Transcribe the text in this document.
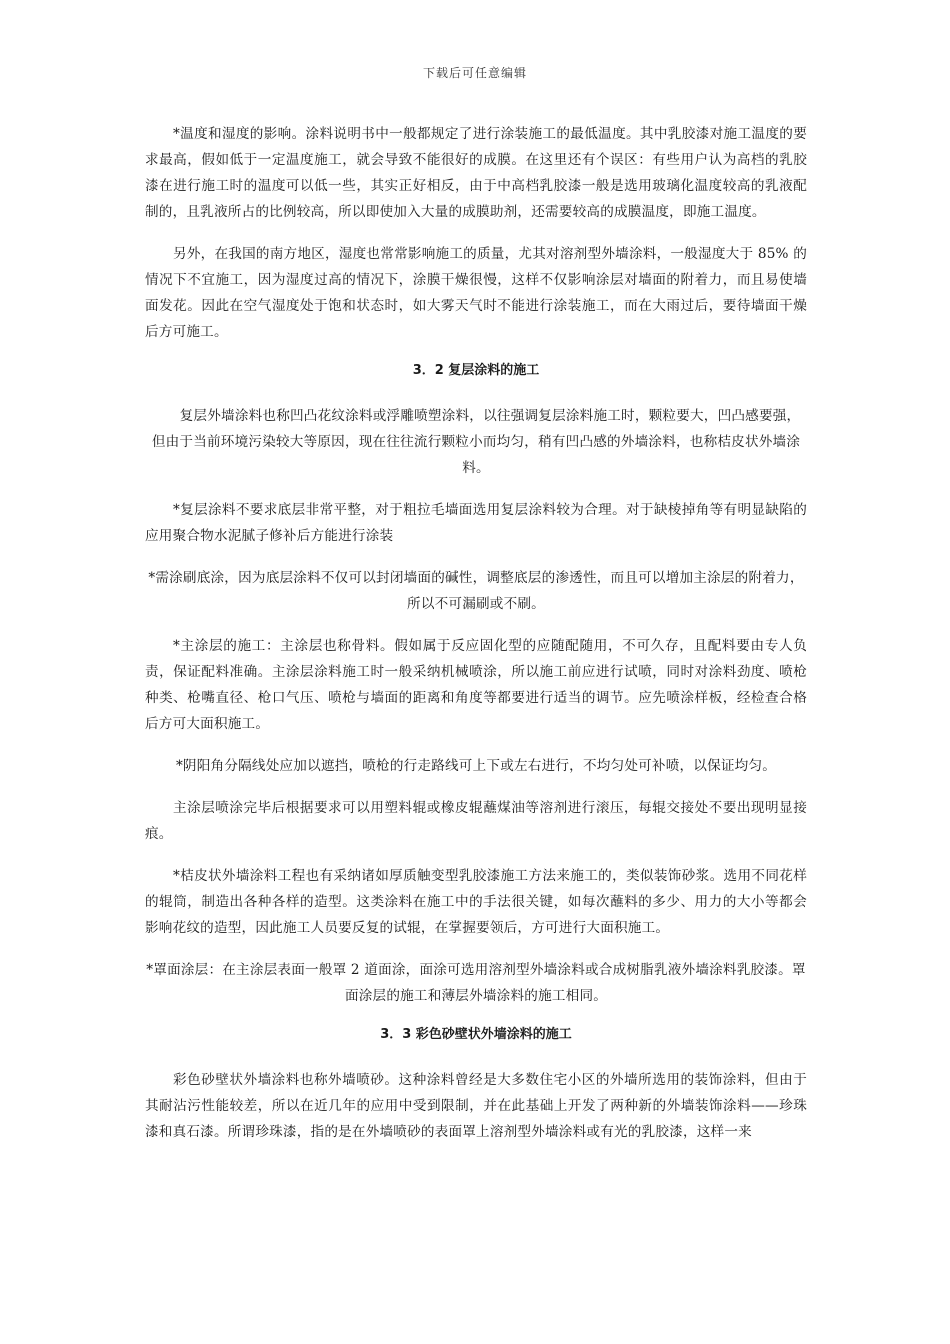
下载后可任意编辑

*温度和湿度的影响。涂料说明书中一般都规定了进行涂装施工的最低温度。其中乳胶漆对施工温度的要求最高，假如低于一定温度施工，就会导致不能很好的成膜。在这里还有个误区：有些用户认为高档的乳胶漆在进行施工时的温度可以低一些，其实正好相反，由于中高档乳胶漆一般是选用玻璃化温度较高的乳液配制的，且乳液所占的比例较高，所以即使加入大量的成膜助剂，还需要较高的成膜温度，即施工温度。

另外，在我国的南方地区，湿度也常常影响施工的质量，尤其对溶剂型外墙涂料，一般湿度大于 85% 的情况下不宜施工，因为湿度过高的情况下，涂膜干燥很慢，这样不仅影响涂层对墙面的附着力，而且易使墙面发花。因此在空气湿度处于饱和状态时，如大雾天气时不能进行涂装施工，而在大雨过后，要待墙面干燥后方可施工。

3．2 复层涂料的施工

复层外墙涂料也称凹凸花纹涂料或浮雕喷塑涂料，以往强调复层涂料施工时，颗粒要大，凹凸感要强，但由于当前环境污染较大等原因，现在往往流行颗粒小而均匀，稍有凹凸感的外墙涂料，也称桔皮状外墙涂料。

*复层涂料不要求底层非常平整，对于粗拉毛墙面选用复层涂料较为合理。对于缺棱掉角等有明显缺陷的应用聚合物水泥腻子修补后方能进行涂装

*需涂刷底涂，因为底层涂料不仅可以封闭墙面的碱性，调整底层的渗透性，而且可以增加主涂层的附着力，所以不可漏刷或不刷。

*主涂层的施工：主涂层也称骨料。假如属于反应固化型的应随配随用，不可久存，且配料要由专人负责，保证配料准确。主涂层涂料施工时一般采纳机械喷涂，所以施工前应进行试喷，同时对涂料劲度、喷枪种类、枪嘴直径、枪口气压、喷枪与墙面的距离和角度等都要进行适当的调节。应先喷涂样板，经检查合格后方可大面积施工。

*阴阳角分隔线处应加以遮挡，喷枪的行走路线可上下或左右进行，不均匀处可补喷，以保证均匀。

主涂层喷涂完毕后根据要求可以用塑料辊或橡皮辊蘸煤油等溶剂进行滚压，每辊交接处不要出现明显接痕。

*桔皮状外墙涂料工程也有采纳诸如厚质触变型乳胶漆施工方法来施工的，类似装饰砂浆。选用不同花样的辊筒，制造出各种各样的造型。这类涂料在施工中的手法很关键，如每次蘸料的多少、用力的大小等都会影响花纹的造型，因此施工人员要反复的试辊，在掌握要领后，方可进行大面积施工。

*罩面涂层：在主涂层表面一般罩 2 道面涂，面涂可选用溶剂型外墙涂料或合成树脂乳液外墙涂料乳胶漆。罩面涂层的施工和薄层外墙涂料的施工相同。

3．3 彩色砂壁状外墙涂料的施工

彩色砂壁状外墙涂料也称外墙喷砂。这种涂料曾经是大多数住宅小区的外墙所选用的装饰涂料，但由于其耐沾污性能较差，所以在近几年的应用中受到限制，并在此基础上开发了两种新的外墙装饰涂料——珍珠漆和真石漆。所谓珍珠漆，指的是在外墙喷砂的表面罩上溶剂型外墙涂料或有光的乳胶漆，这样一来
